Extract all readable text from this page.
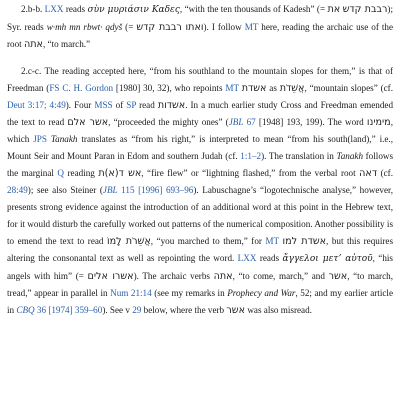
2.b-b. LXX reads σὺν μυριάσιν Καδες, “with the ten thousands of Kadesh” (= את רבבת קדש); Syr. reads w·mh mn rbwt· qdyš (= ואתו רבבת קדש). I follow MT here, reading the archaic use of the root אתה, “to march.”

2.c-c. The reading accepted here, “from his southland to the mountain slopes for them,” is that of Freedman (FS C. H. Gordon [1980] 30, 32), who repoints MT אשדת as אֲשֵׁדֹת, “mountain slopes” (cf. Deut 3:17; 4:49). Four MSS of SP read אשדות. In a much earlier study Cross and Freedman emended the text to read אשר אלם, “proceeded the mighty ones” (JBL 67 [1948] 193, 199). The word מימינו, which JPS Tanakh translates as “from his right,” is interpreted to mean “from his south(land),” i.e., Mount Seir and Mount Paran in Edom and southern Judah (cf. 1:1–2). The translation in Tanakh follows the marginal Q reading אש ד(א)ת, “fire flew” or “lightning flashed,” from the verbal root דאה (cf. 28:49); see also Steiner (JBL 115 [1996] 693–96). Labuschagne’s “logotechnische analyse,” however, presents strong evidence against the introduction of an additional word at this point in the Hebrew text, for it would disturb the carefully worked out patterns of the numerical composition. Another possibility is to emend the text to read אֲשֵׁרֹת לָמוֹ, “you marched to them,” for MT אשדת למו, but this requires altering the consonantal text as well as repointing the word. LXX reads ἄγγελοι μετʼ αὐτοῦ, “his angels with him” (= אשרו אלים). The archaic verbs אתה, “to come, march,” and אשר, “to march, tread,” appear in parallel in Num 21:14 (see my remarks in Prophecy and War, 52; and my earlier article in CBQ 36 [1974] 359–60). See v 29 below, where the verb אשר was also misread.
